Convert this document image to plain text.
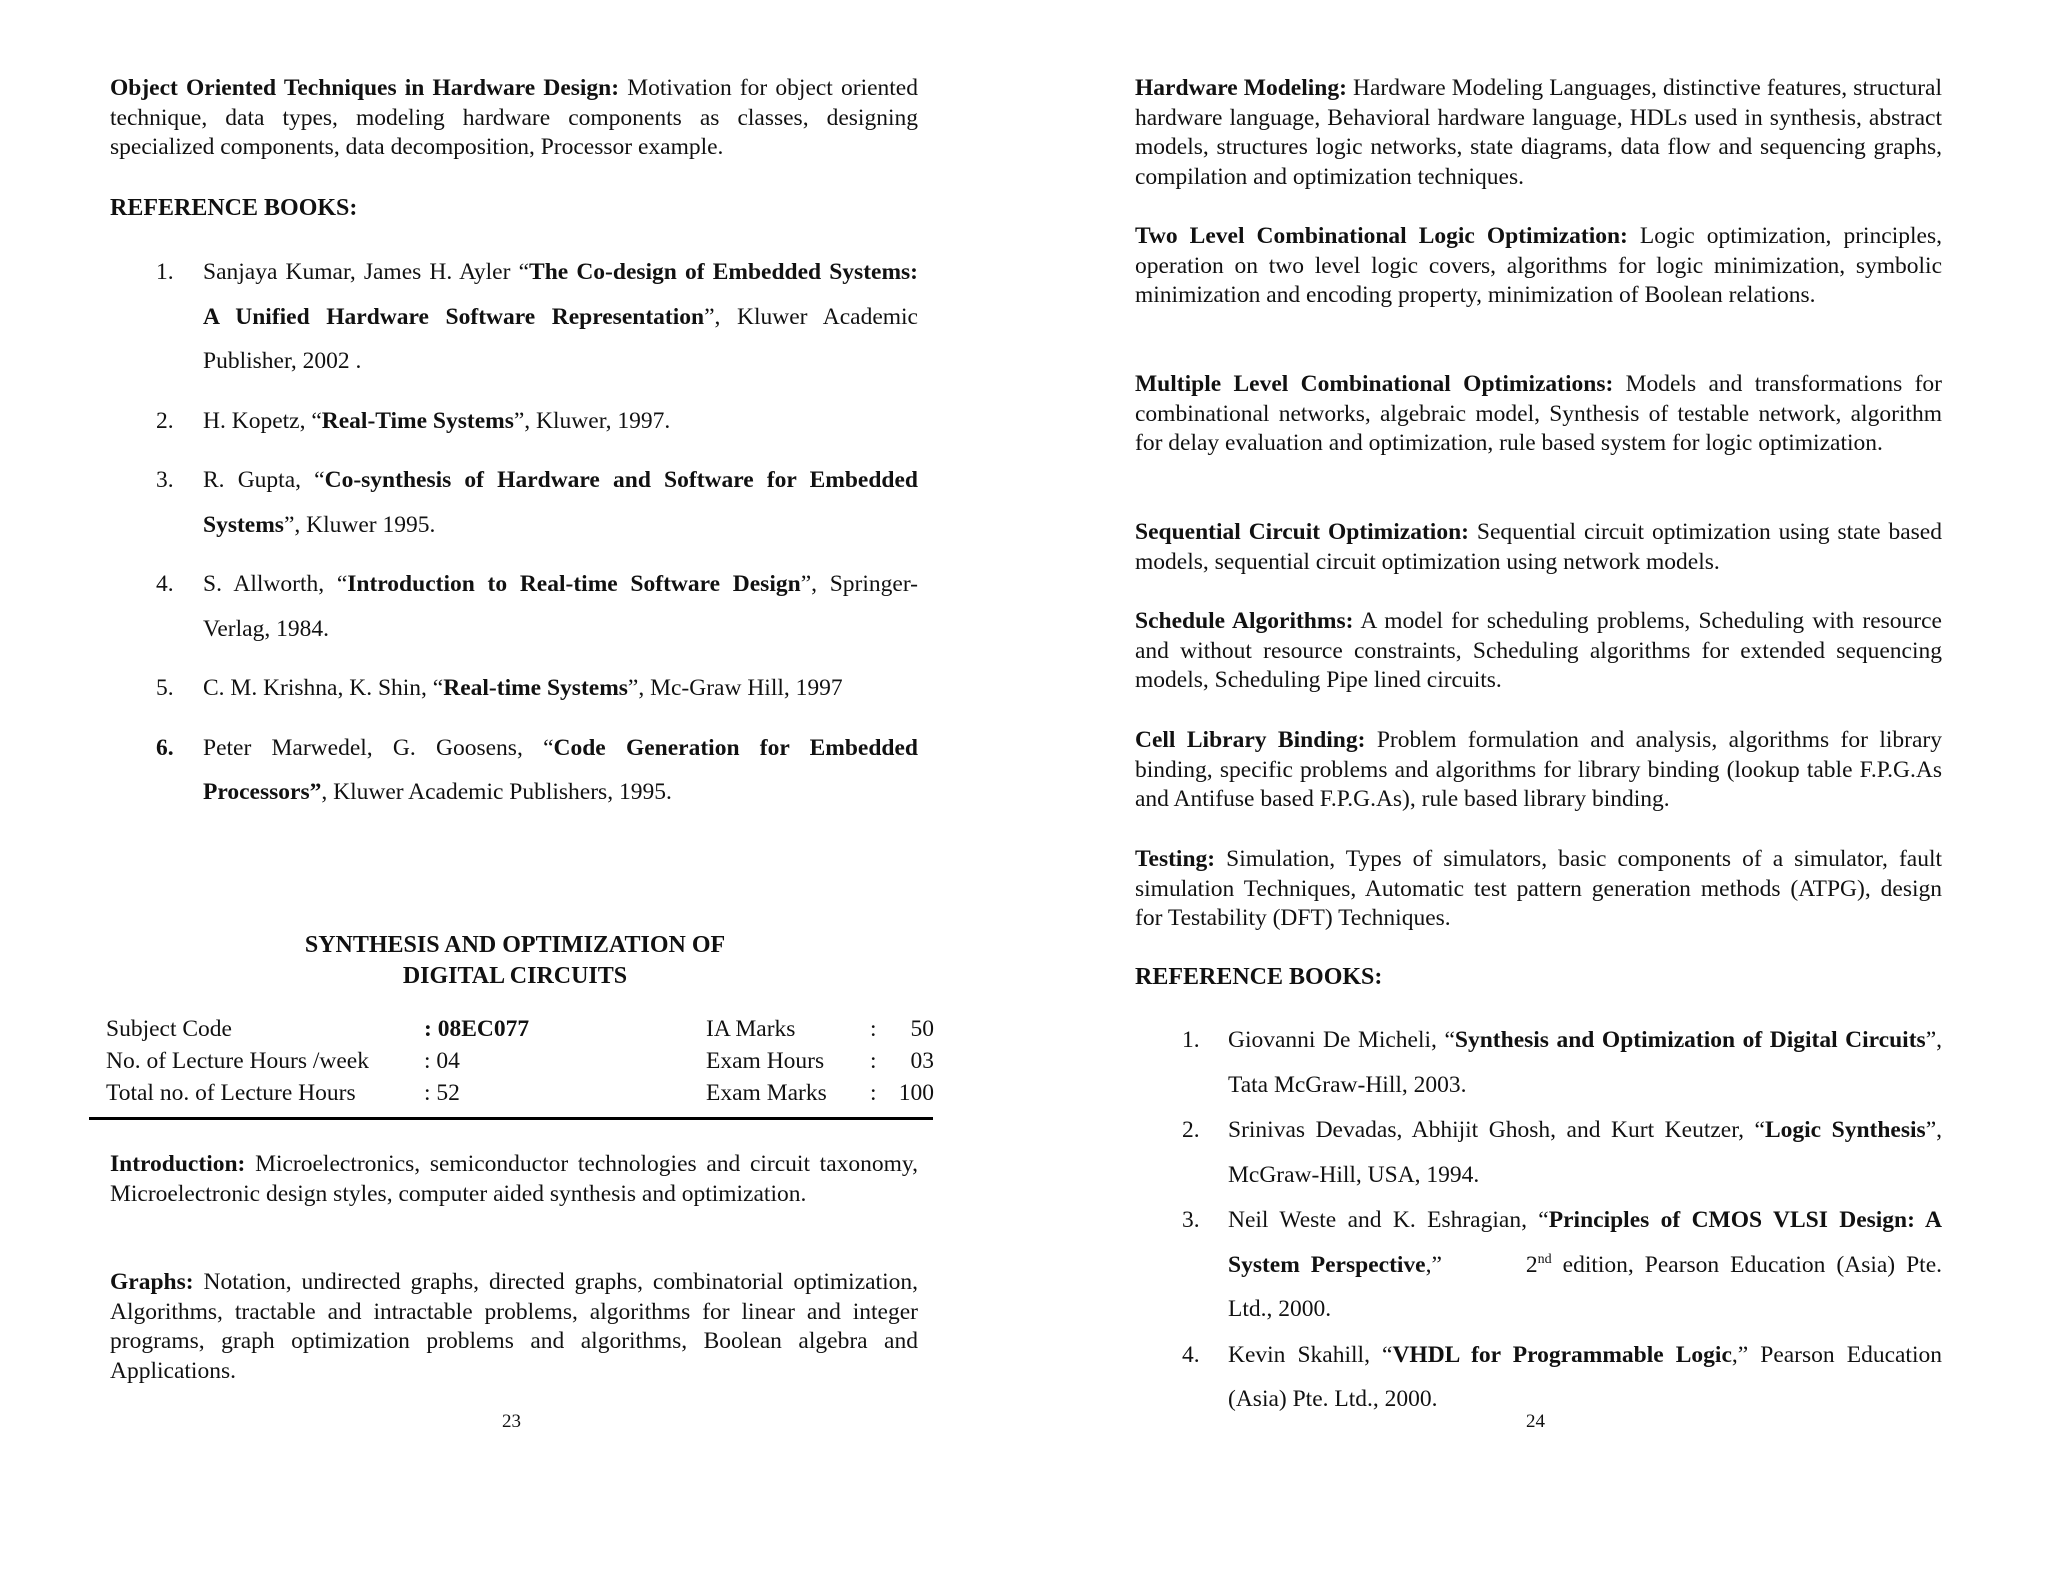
Object Oriented Techniques in Hardware Design: Motivation for object oriented technique, data types, modeling hardware components as classes, designing specialized components, data decomposition, Processor example.

REFERENCE BOOKS:

1. Sanjaya Kumar, James H. Ayler “The Co-design of Embedded Systems: A Unified Hardware Software Representation”, Kluwer Academic Publisher, 2002 .
2. H. Kopetz, “Real-Time Systems”, Kluwer, 1997.
3. R. Gupta, “Co-synthesis of Hardware and Software for Embedded Systems”, Kluwer 1995.
4. S. Allworth, “Introduction to Real-time Software Design”, Springer-Verlag, 1984.
5. C. M. Krishna, K. Shin, “Real-time Systems”, Mc-Graw Hill, 1997
6. Peter Marwedel, G. Goosens, “Code Generation for Embedded Processors”, Kluwer Academic Publishers, 1995.
SYNTHESIS AND OPTIMIZATION OF
DIGITAL CIRCUITS
Subject Code	: 08EC077	IA Marks	: 50
No. of Lecture Hours /week : 04	Exam Hours : 03
Total no. of Lecture Hours	: 52	Exam Marks : 100

Introduction: Microelectronics, semiconductor technologies and circuit taxonomy, Microelectronic design styles, computer aided synthesis and optimization.

Graphs: Notation, undirected graphs, directed graphs, combinatorial optimization, Algorithms, tractable and intractable problems, algorithms for linear and integer programs, graph optimization problems and algorithms, Boolean algebra and Applications.

23

Hardware Modeling: Hardware Modeling Languages, distinctive features, structural hardware language, Behavioral hardware language, HDLs used in synthesis, abstract models, structures logic networks, state diagrams, data flow and sequencing graphs, compilation and optimization techniques.

Two Level Combinational Logic Optimization: Logic optimization, principles, operation on two level logic covers, algorithms for logic minimization, symbolic minimization and encoding property, minimization of Boolean relations.

Multiple Level Combinational Optimizations: Models and transformations for combinational networks, algebraic model, Synthesis of testable network, algorithm for delay evaluation and optimization, rule based system for logic optimization.

Sequential Circuit Optimization: Sequential circuit optimization using state based models, sequential circuit optimization using network models.

Schedule Algorithms: A model for scheduling problems, Scheduling with resource and without resource constraints, Scheduling algorithms for extended sequencing models, Scheduling Pipe lined circuits.

Cell Library Binding: Problem formulation and analysis, algorithms for library binding, specific problems and algorithms for library binding (lookup table F.P.G.As and Antifuse based F.P.G.As), rule based library binding.

Testing: Simulation, Types of simulators, basic components of a simulator, fault simulation Techniques, Automatic test pattern generation methods (ATPG), design for Testability (DFT) Techniques.

REFERENCE BOOKS:

1. Giovanni De Micheli, “Synthesis and Optimization of Digital Circuits”, Tata McGraw-Hill, 2003.
2. Srinivas Devadas, Abhijit Ghosh, and Kurt Keutzer, “Logic Synthesis”, McGraw-Hill, USA, 1994.
3. Neil Weste and K. Eshragian, “Principles of CMOS VLSI Design: A System Perspective,”	2nd edition, Pearson Education (Asia) Pte. Ltd., 2000.
4. Kevin Skahill, “VHDL for Programmable Logic,” Pearson Education (Asia) Pte. Ltd., 2000.
24
